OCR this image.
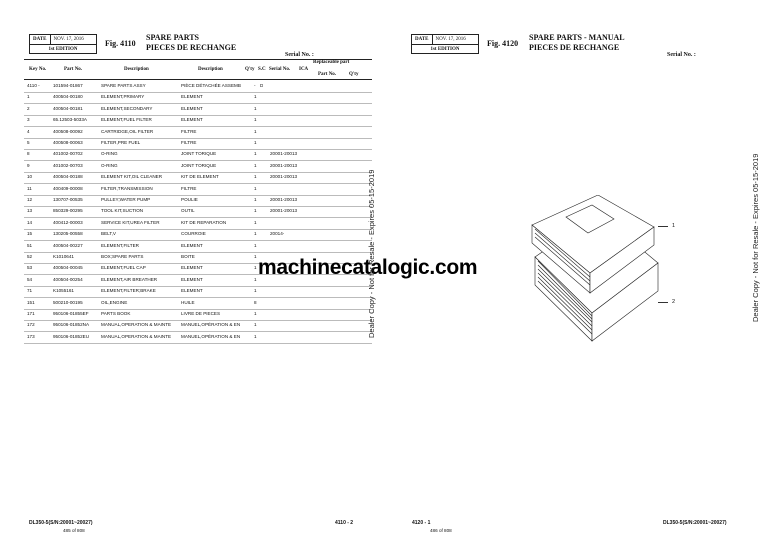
DATE	NOV. 17, 2016
1st EDITION
Fig. 4110
SPARE PARTS
PIECES DE RECHANGE
Serial No. :
Key No.	Part No.	Description	Description	Q'ty S.C Serial No. ICA
Replaceable part
Part No.	Q'ty
4110 -	101594-01867	SPARE PARTS ASSY	PIÈCE DÉTACHÉE ASSEMB	- D
1	400504-00180	ELEMENT,PRIMARY	ELEMENT	1
2	400504-00181	ELEMENT,SECONDARY	ELEMENT	1
3	65.12503-5033A	ELEMENT,FUEL FILTER	ELEMENT	1
4	400508-00092	CARTRIDGE,OIL FILTER	FILTRE	1
5	400508-00063	FILTER,PRE FUEL	FILTRE	1
8	401002-00702	O-RING	JOINT TORIQUE	1	20001-20013
9	401002-00703	O-RING	JOINT TORIQUE	1	20001-20013
10	400504-00188	ELEMENT KIT,OIL CLEANER	KIT DE ELEMENT	1	20001-20013
11	400409-00008	FILTER,TRANSMISSION	FILTRE	1
12	130707-00535	PULLEY;WATER PUMP	POULIE	1	20001-20013
13	850329-00295	TOOL KIT,SUCTION	OUTIL	1	20001-20013
14	400412-00003	SERVICE KIT,UREA FILTER	KIT DE REPARATION	1
15	130205-00558	BELT,V	COURROIE	1	20014-
51	400504-00227	ELEMENT,FILTER	ELEMENT	1
52	K1010641	BOX;SPARE PARTS	BOITE	1
53	400504-00045	ELEMENT,FUEL CAP	ELEMENT	1
54	400504-00254	ELEMENT,AIR BREATHER	ELEMENT	1
71	K1055161	ELEMENT,FILTER;BRAKE	ELEMENT	1
151	500210-00195	OIL,ENGINE	HUILE	8
171	950106-01855EF	PARTS BOOK	LIVRE DE PIECES	1
172	950106-01852NA	MANUAL,OPERATION & MAINTE	MANUEL,OPÉRATION & EN	1
173	950106-01852EU	MANUAL,OPERATION & MAINTE	MANUEL,OPÉRATION & EN	1
machinecatalogic.com
Dealer Copy - Not for Resale - Expires 05-15-2019
DL350-5(S/N:20001~20027)	4110 - 2
485 of 808
DATE	NOV. 17, 2016
1st EDITION
Fig. 4120
SPARE PARTS - MANUAL
PIECES DE RECHANGE
Serial No. :
1
2	Dealer Copy - Not for Resale - Expires 05-15-2019
4120 - 1
486 of 808
DL350-5(S/N:20001~20027)
